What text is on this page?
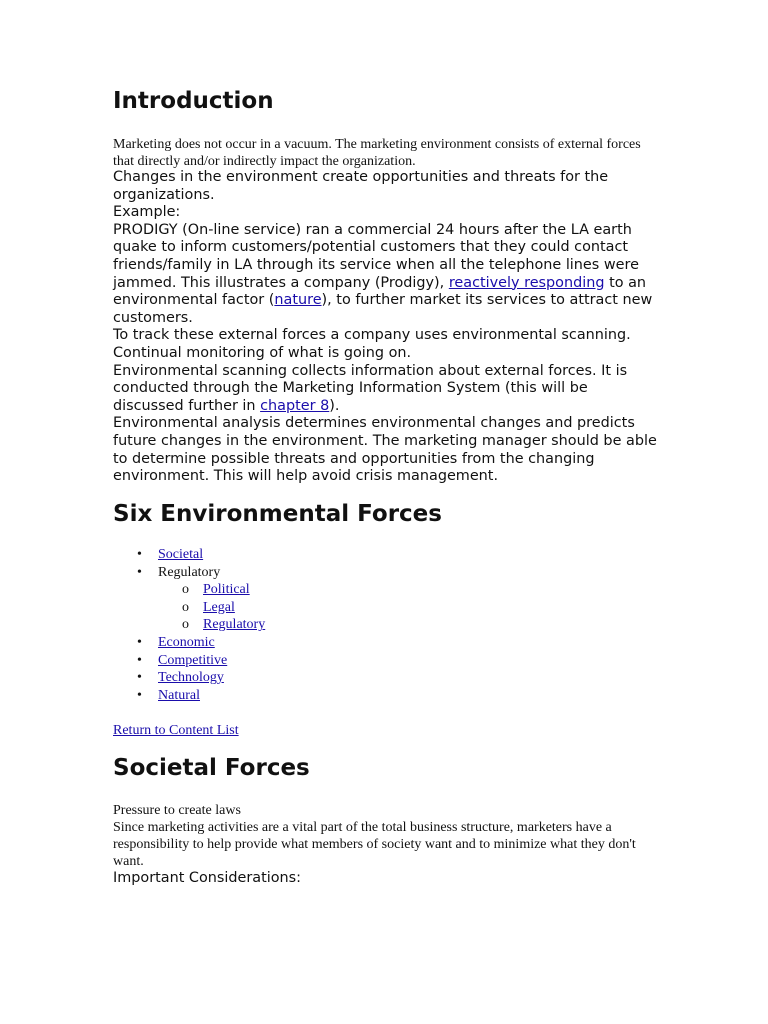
Introduction
Marketing does not occur in a vacuum. The marketing environment consists of external forces that directly and/or indirectly impact the organization.
Changes in the environment create opportunities and threats for the organizations.
Example:
PRODIGY (On-line service) ran a commercial 24 hours after the LA earth quake to inform customers/potential customers that they could contact friends/family in LA through its service when all the telephone lines were jammed. This illustrates a company (Prodigy), reactively responding to an environmental factor (nature), to further market its services to attract new customers.
To track these external forces a company uses environmental scanning. Continual monitoring of what is going on.
Environmental scanning collects information about external forces. It is conducted through the Marketing Information System (this will be discussed further in chapter 8).
Environmental analysis determines environmental changes and predicts future changes in the environment. The marketing manager should be able to determine possible threats and opportunities from the changing environment. This will help avoid crisis management.
Six Environmental Forces
• Societal
• Regulatory
o Political
o Legal
o Regulatory
• Economic
• Competitive
• Technology
• Natural
Return to Content List
Societal Forces
Pressure to create laws
Since marketing activities are a vital part of the total business structure, marketers have a responsibility to help provide what members of society want and to minimize what they don't want.
Important Considerations:
